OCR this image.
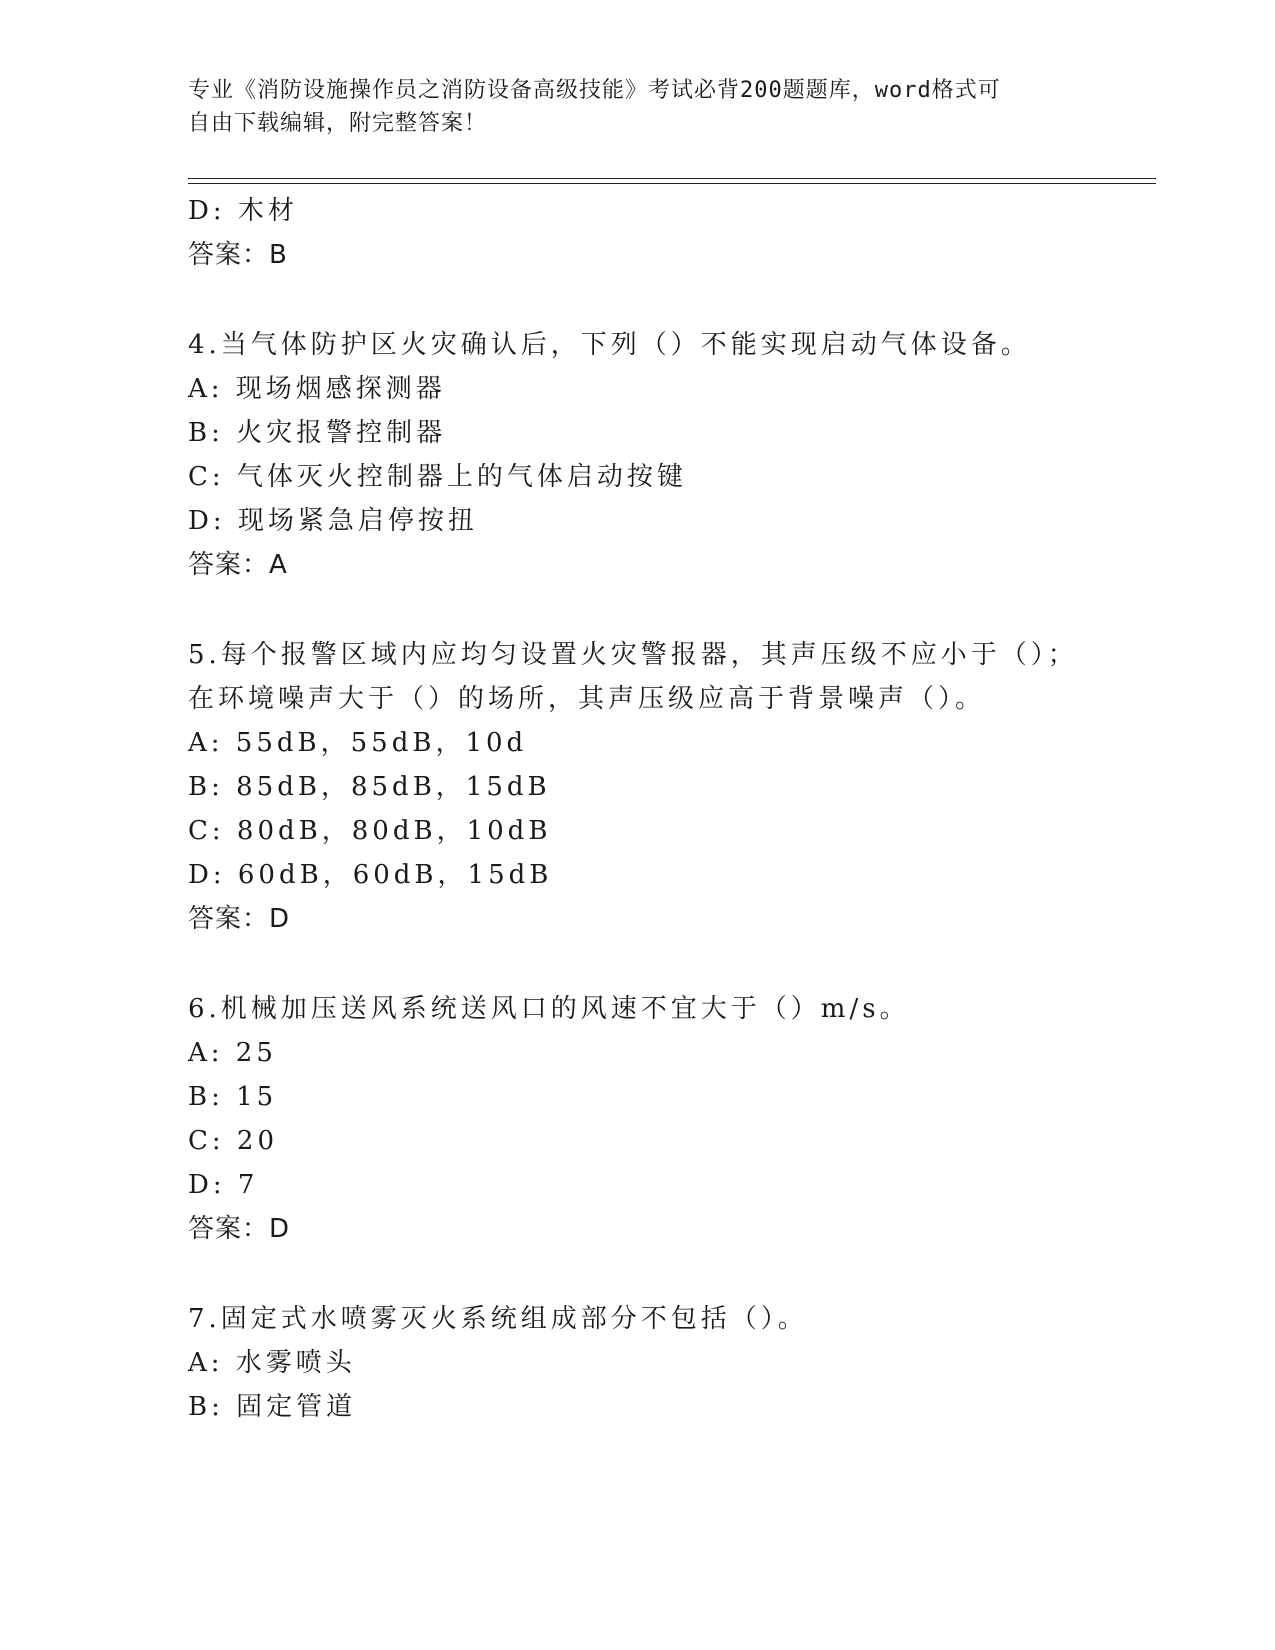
专业《消防设施操作员之消防设备高级技能》考试必背200题题库，word格式可
自由下载编辑，附完整答案！
D: 木材
答案：B
4.当气体防护区火灾确认后，下列（）不能实现启动气体设备。
A: 现场烟感探测器
B: 火灾报警控制器
C: 气体灭火控制器上的气体启动按键
D: 现场紧急启停按扭
答案：A
5.每个报警区域内应均匀设置火灾警报器，其声压级不应小于（）；
在环境噪声大于（）的场所，其声压级应高于背景噪声（）。
A: 55dB，55dB，10d
B: 85dB，85dB，15dB
C: 80dB，80dB，10dB
D: 60dB，60dB，15dB
答案：D
6.机械加压送风系统送风口的风速不宜大于（）m/s。
A: 25
B: 15
C: 20
D: 7
答案：D
7.固定式水喷雾灭火系统组成部分不包括（）。
A: 水雾喷头
B: 固定管道
